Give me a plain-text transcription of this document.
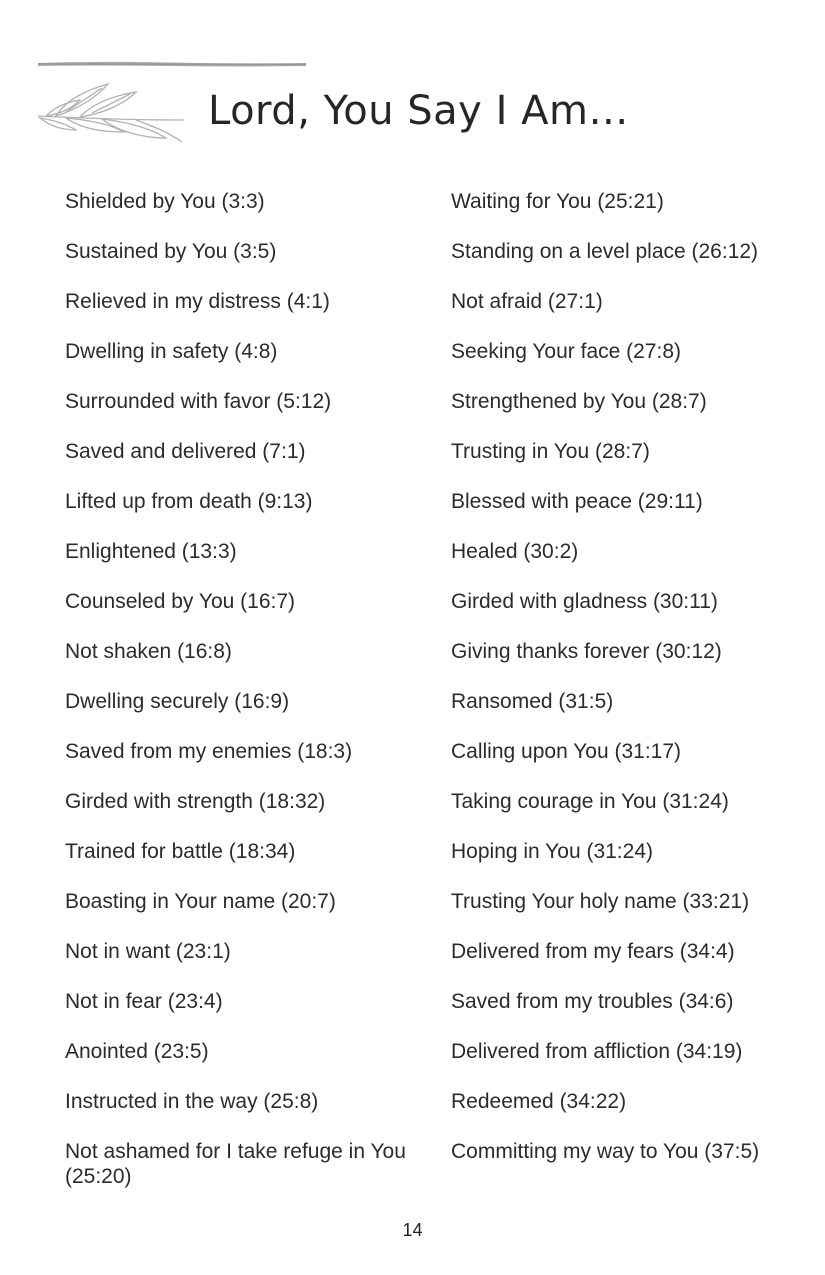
Lord, You Say I Am…
Shielded by You (3:3)
Sustained by You (3:5)
Relieved in my distress (4:1)
Dwelling in safety (4:8)
Surrounded with favor (5:12)
Saved and delivered (7:1)
Lifted up from death (9:13)
Enlightened (13:3)
Counseled by You (16:7)
Not shaken (16:8)
Dwelling securely (16:9)
Saved from my enemies (18:3)
Girded with strength (18:32)
Trained for battle (18:34)
Boasting in Your name (20:7)
Not in want (23:1)
Not in fear (23:4)
Anointed (23:5)
Instructed in the way (25:8)
Not ashamed for I take refuge in You (25:20)
Waiting for You (25:21)
Standing on a level place (26:12)
Not afraid (27:1)
Seeking Your face (27:8)
Strengthened by You (28:7)
Trusting in You (28:7)
Blessed with peace (29:11)
Healed (30:2)
Girded with gladness (30:11)
Giving thanks forever (30:12)
Ransomed (31:5)
Calling upon You (31:17)
Taking courage in You (31:24)
Hoping in You (31:24)
Trusting Your holy name (33:21)
Delivered from my fears (34:4)
Saved from my troubles (34:6)
Delivered from affliction (34:19)
Redeemed (34:22)
Committing my way to You (37:5)
14
